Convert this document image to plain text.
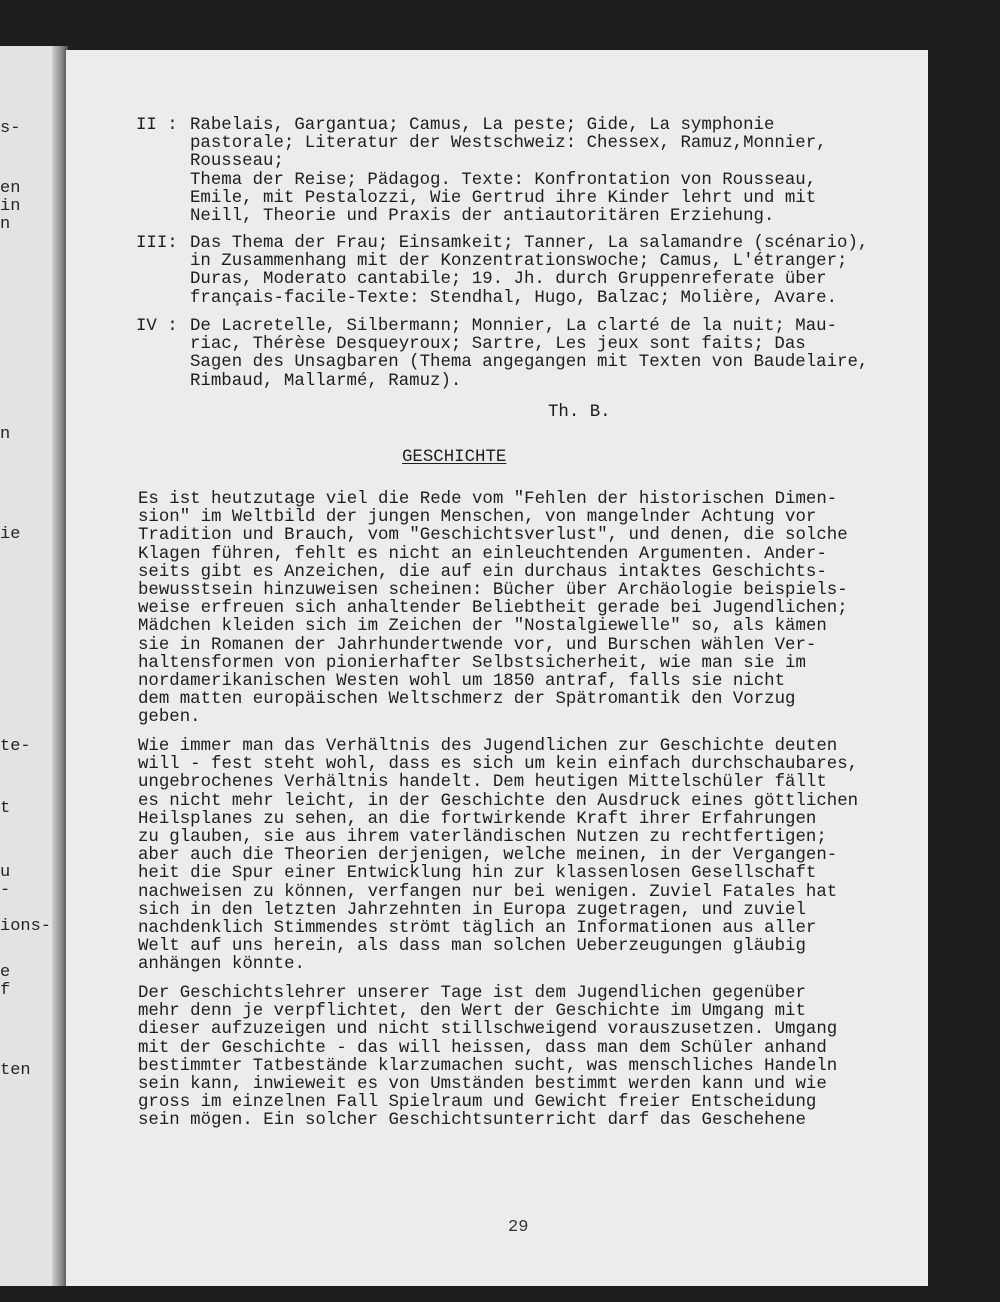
s-
en
in
n
n
ie
te-
t
u
-
ions-
e
f
ten
II : Rabelais, Gargantua; Camus, La peste; Gide, La symphonie
pastorale; Literatur der Westschweiz: Chessex, Ramuz,Monnier,
Rousseau;
Thema der Reise; Pädagog. Texte: Konfrontation von Rousseau,
Emile, mit Pestalozzi, Wie Gertrud ihre Kinder lehrt und mit
Neill, Theorie und Praxis der antiautoritären Erziehung.
III: Das Thema der Frau; Einsamkeit; Tanner, La salamandre (scénario),
in Zusammenhang mit der Konzentrationswoche; Camus, L'étranger;
Duras, Moderato cantabile; 19. Jh. durch Gruppenreferate über
français-facile-Texte: Stendhal, Hugo, Balzac; Molière, Avare.
IV : De Lacretelle, Silbermann; Monnier, La clarté de la nuit; Mau-
riac, Thérèse Desqueyroux; Sartre, Les jeux sont faits; Das
Sagen des Unsagbaren (Thema angegangen mit Texten von Baudelaire,
Rimbaud, Mallarmé, Ramuz).
Th. B.
GESCHICHTE
Es ist heutzutage viel die Rede vom "Fehlen der historischen Dimen-
sion" im Weltbild der jungen Menschen, von mangelnder Achtung vor
Tradition und Brauch, vom "Geschichtsverlust", und denen, die solche
Klagen führen, fehlt es nicht an einleuchtenden Argumenten. Ander-
seits gibt es Anzeichen, die auf ein durchaus intaktes Geschichts-
bewusstsein hinzuweisen scheinen: Bücher über Archäologie beispiels-
weise erfreuen sich anhaltender Beliebtheit gerade bei Jugendlichen;
Mädchen kleiden sich im Zeichen der "Nostalgiewelle" so, als kämen
sie in Romanen der Jahrhundertwende vor, und Burschen wählen Ver-
haltensformen von pionierhafter Selbstsicherheit, wie man sie im
nordamerikanischen Westen wohl um 1850 antraf, falls sie nicht
dem matten europäischen Weltschmerz der Spätromantik den Vorzug
geben.
Wie immer man das Verhältnis des Jugendlichen zur Geschichte deuten
will - fest steht wohl, dass es sich um kein einfach durchschaubares,
ungebrochenes Verhältnis handelt. Dem heutigen Mittelschüler fällt
es nicht mehr leicht, in der Geschichte den Ausdruck eines göttlichen
Heilsplanes zu sehen, an die fortwirkende Kraft ihrer Erfahrungen
zu glauben, sie aus ihrem vaterländischen Nutzen zu rechtfertigen;
aber auch die Theorien derjenigen, welche meinen, in der Vergangen-
heit die Spur einer Entwicklung hin zur klassenlosen Gesellschaft
nachweisen zu können, verfangen nur bei wenigen. Zuviel Fatales hat
sich in den letzten Jahrzehnten in Europa zugetragen, und zuviel
nachdenklich Stimmendes strömt täglich an Informationen aus aller
Welt auf uns herein, als dass man solchen Ueberzeugungen gläubig
anhängen könnte.
Der Geschichtslehrer unserer Tage ist dem Jugendlichen gegenüber
mehr denn je verpflichtet, den Wert der Geschichte im Umgang mit
dieser aufzuzeigen und nicht stillschweigend vorauszusetzen. Umgang
mit der Geschichte - das will heissen, dass man dem Schüler anhand
bestimmter Tatbestände klarzumachen sucht, was menschliches Handeln
sein kann, inwieweit es von Umständen bestimmt werden kann und wie
gross im einzelnen Fall Spielraum und Gewicht freier Entscheidung
sein mögen. Ein solcher Geschichtsunterricht darf das Geschehene
29
